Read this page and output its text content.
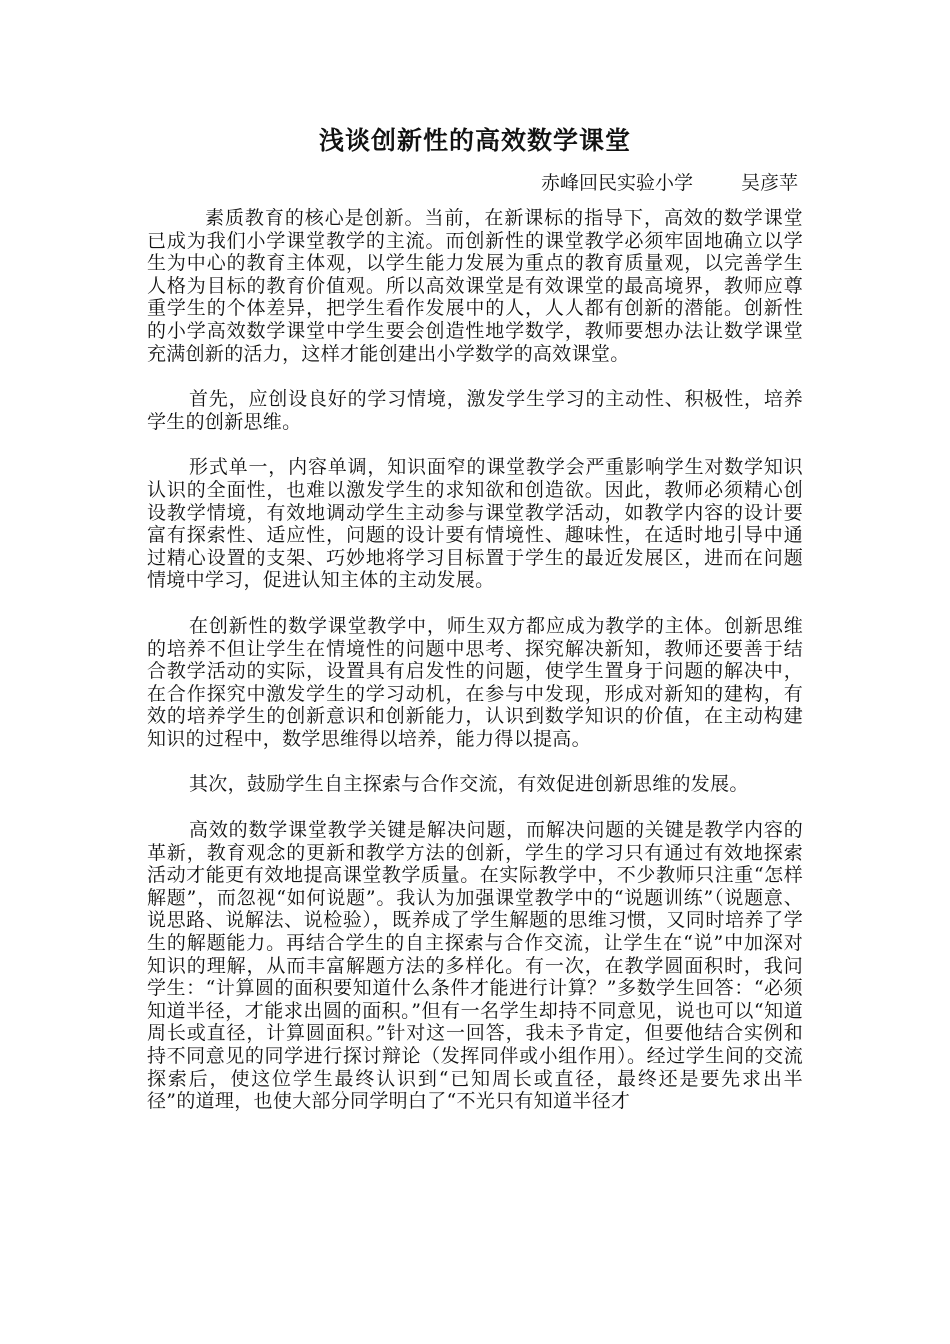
浅谈创新性的高效数学课堂
赤峰回民实验小学	吴彦苹

素质教育的核心是创新。当前，在新课标的指导下，高效的数学课堂已成为我们小学课堂教学的主流。而创新性的课堂教学必须牢固地确立以学生为中心的教育主体观，以学生能力发展为重点的教育质量观，以完善学生人格为目标的教育价值观。所以高效课堂是有效课堂的最高境界，教师应尊重学生的个体差异，把学生看作发展中的人，人人都有创新的潜能。创新性的小学高效数学课堂中学生要会创造性地学数学，教师要想办法让数学课堂充满创新的活力，这样才能创建出小学数学的高效课堂。

首先，应创设良好的学习情境，激发学生学习的主动性、积极性，培养学生的创新思维。

形式单一，内容单调，知识面窄的课堂教学会严重影响学生对数学知识认识的全面性，也难以激发学生的求知欲和创造欲。因此，教师必须精心创设教学情境，有效地调动学生主动参与课堂教学活动，如教学内容的设计要富有探索性、适应性，问题的设计要有情境性、趣味性，在适时地引导中通过精心设置的支架、巧妙地将学习目标置于学生的最近发展区，进而在问题情境中学习，促进认知主体的主动发展。

在创新性的数学课堂教学中，师生双方都应成为教学的主体。创新思维的培养不但让学生在情境性的问题中思考、探究解决新知，教师还要善于结合教学活动的实际，设置具有启发性的问题，使学生置身于问题的解决中，在合作探究中激发学生的学习动机，在参与中发现，形成对新知的建构，有效的培养学生的创新意识和创新能力，认识到数学知识的价值，在主动构建知识的过程中，数学思维得以培养，能力得以提高。

其次，鼓励学生自主探索与合作交流，有效促进创新思维的发展。

高效的数学课堂教学关键是解决问题，而解决问题的关键是教学内容的革新，教育观念的更新和教学方法的创新，学生的学习只有通过有效地探索活动才能更有效地提高课堂教学质量。在实际教学中，不少教师只注重“怎样解题”，而忽视“如何说题”。我认为加强课堂教学中的“说题训练”（说题意、说思路、说解法、说检验），既养成了学生解题的思维习惯，又同时培养了学生的解题能力。再结合学生的自主探索与合作交流，让学生在“说”中加深对知识的理解，从而丰富解题方法的多样化。有一次，在教学圆面积时，我问学生：“计算圆的面积要知道什么条件才能进行计算？”多数学生回答：“必须知道半径，才能求出圆的面积。”但有一名学生却持不同意见，说也可以“知道周长或直径，计算圆面积。”针对这一回答，我未予肯定，但要他结合实例和持不同意见的同学进行探讨辩论（发挥同伴或小组作用）。经过学生间的交流探索后，使这位学生最终认识到“已知周长或直径，最终还是要先求出半径”的道理，也使大部分同学明白了“不光只有知道半径才
